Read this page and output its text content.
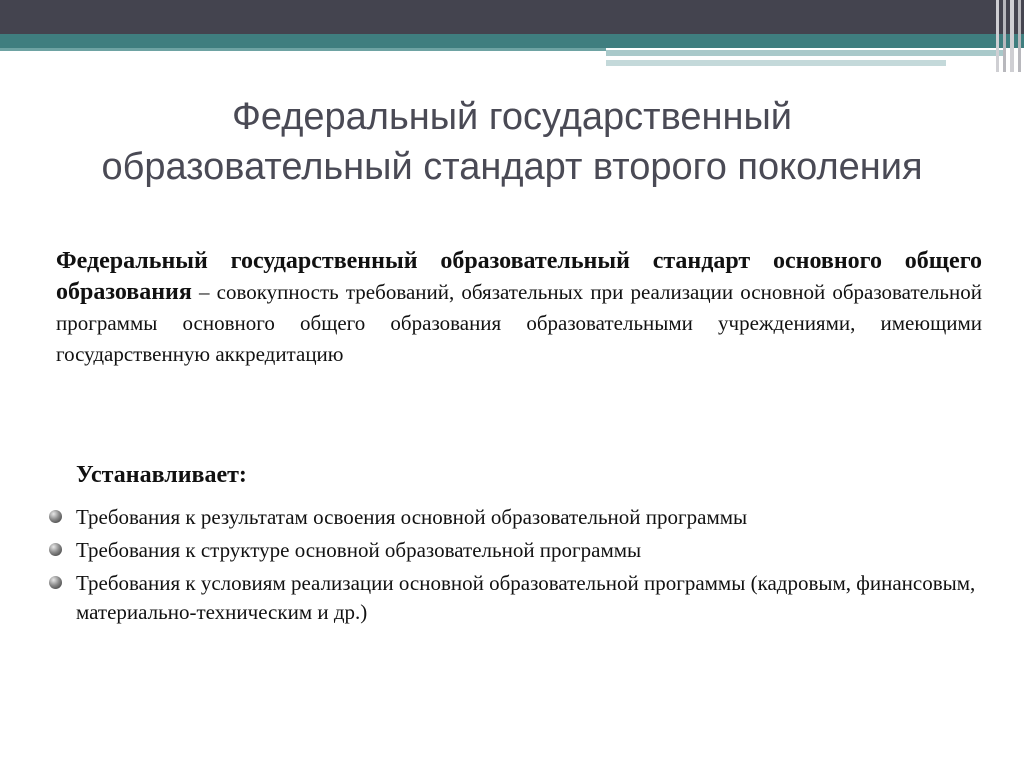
Федеральный государственный
образовательный стандарт второго поколения

Федеральный государственный образовательный стандарт основного общего образования – совокупность требований, обязательных при реализации основной образовательной программы основного общего образования образовательными учреждениями, имеющими государственную аккредитацию

Устанавливает:

Требования к результатам освоения основной образовательной программы
Требования к структуре основной образовательной программы
Требования к условиям реализации основной образовательной программы (кадровым, финансовым, материально-техническим и др.)
